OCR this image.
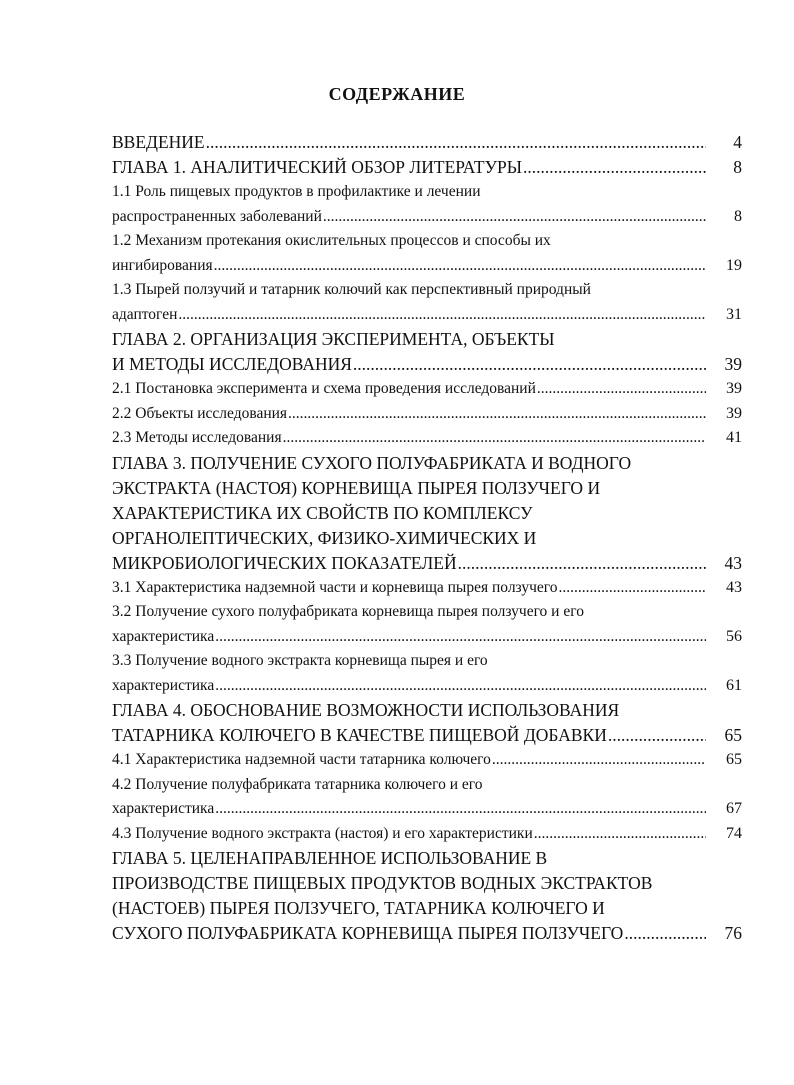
СОДЕРЖАНИЕ
ВВЕДЕНИЕ .....	4
ГЛАВА 1. АНАЛИТИЧЕСКИЙ ОБЗОР ЛИТЕРАТУРЫ .....	8
1.1 Роль пищевых продуктов в профилактике и лечении
распространенных заболеваний .....	8
1.2 Механизм протекания окислительных процессов и способы их
ингибирования .....	19
1.3 Пырей ползучий и татарник колючий как перспективный природный
адаптоген .....	31
ГЛАВА 2. ОРГАНИЗАЦИЯ ЭКСПЕРИМЕНТА, ОБЪЕКТЫ
И МЕТОДЫ ИССЛЕДОВАНИЯ .....	39
2.1 Постановка эксперимента и схема проведения исследований .....	39
2.2 Объекты исследования .....	39
2.3 Методы исследования .....	41
ГЛАВА 3. ПОЛУЧЕНИЕ СУХОГО ПОЛУФАБРИКАТА И ВОДНОГО
ЭКСТРАКТА (НАСТОЯ) КОРНЕВИЩА ПЫРЕЯ ПОЛЗУЧЕГО И
ХАРАКТЕРИСТИКА ИХ СВОЙСТВ ПО КОМПЛЕКСУ
ОРГАНОЛЕПТИЧЕСКИХ, ФИЗИКО-ХИМИЧЕСКИХ И
МИКРОБИОЛОГИЧЕСКИХ ПОКАЗАТЕЛЕЙ .....	43
3.1 Характеристика надземной части и корневища пырея ползучего .....	43
3.2 Получение сухого полуфабриката корневища пырея ползучего и его
характеристика .....	56
3.3 Получение водного экстракта корневища пырея и его
характеристика .....	61
ГЛАВА 4. ОБОСНОВАНИЕ ВОЗМОЖНОСТИ ИСПОЛЬЗОВАНИЯ
ТАТАРНИКА КОЛЮЧЕГО В КАЧЕСТВЕ ПИЩЕВОЙ ДОБАВКИ .....	65
4.1 Характеристика надземной части татарника колючего .....	65
4.2 Получение полуфабриката татарника колючего и его
характеристика .....	67
4.3 Получение водного экстракта (настоя) и его характеристики .....	74
ГЛАВА 5. ЦЕЛЕНАПРАВЛЕННОЕ ИСПОЛЬЗОВАНИЕ В
ПРОИЗВОДСТВЕ ПИЩЕВЫХ ПРОДУКТОВ ВОДНЫХ ЭКСТРАКТОВ
(НАСТОЕВ) ПЫРЕЯ ПОЛЗУЧЕГО, ТАТАРНИКА КОЛЮЧЕГО И
СУХОГО ПОЛУФАБРИКАТА КОРНЕВИЩА ПЫРЕЯ ПОЛЗУЧЕГО .....	76
